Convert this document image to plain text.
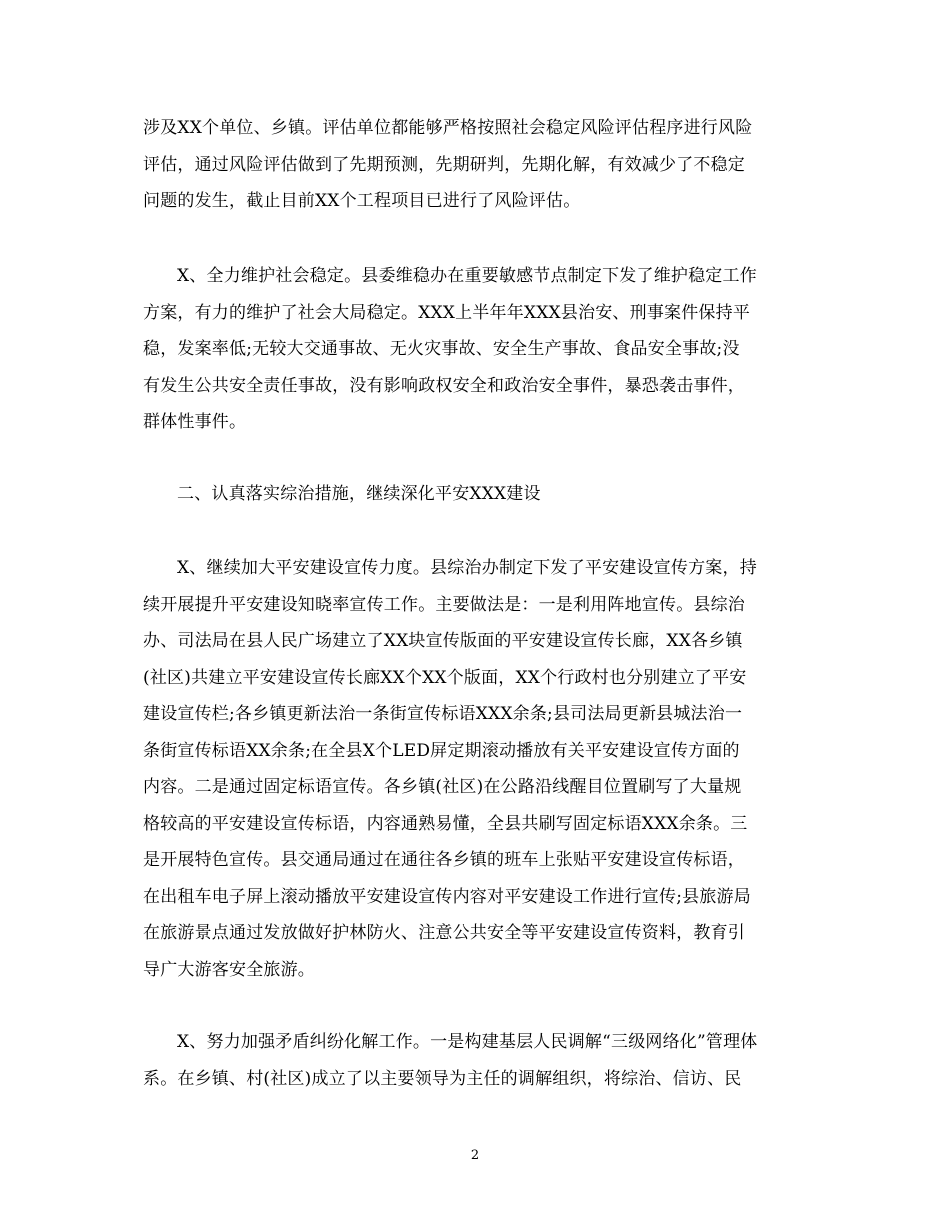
涉及XX个单位、乡镇。评估单位都能够严格按照社会稳定风险评估程序进行风险
评估，通过风险评估做到了先期预测，先期研判，先期化解，有效减少了不稳定
问题的发生，截止目前XX个工程项目已进行了风险评估。
X、全力维护社会稳定。县委维稳办在重要敏感节点制定下发了维护稳定工作
方案，有力的维护了社会大局稳定。XXX上半年年XXX县治安、刑事案件保持平
稳，发案率低;无较大交通事故、无火灾事故、安全生产事故、食品安全事故;没
有发生公共安全责任事故，没有影响政权安全和政治安全事件，暴恐袭击事件，
群体性事件。
二、认真落实综治措施，继续深化平安XXX建设
X、继续加大平安建设宣传力度。县综治办制定下发了平安建设宣传方案，持
续开展提升平安建设知晓率宣传工作。主要做法是：一是利用阵地宣传。县综治
办、司法局在县人民广场建立了XX块宣传版面的平安建设宣传长廊，XX各乡镇
(社区)共建立平安建设宣传长廊XX个XX个版面，XX个行政村也分别建立了平安
建设宣传栏;各乡镇更新法治一条街宣传标语XXX余条;县司法局更新县城法治一
条街宣传标语XX余条;在全县X个LED屏定期滚动播放有关平安建设宣传方面的
内容。二是通过固定标语宣传。各乡镇(社区)在公路沿线醒目位置刷写了大量规
格较高的平安建设宣传标语，内容通熟易懂，全县共刷写固定标语XXX余条。三
是开展特色宣传。县交通局通过在通往各乡镇的班车上张贴平安建设宣传标语，
在出租车电子屏上滚动播放平安建设宣传内容对平安建设工作进行宣传;县旅游局
在旅游景点通过发放做好护林防火、注意公共安全等平安建设宣传资料，教育引
导广大游客安全旅游。
X、努力加强矛盾纠纷化解工作。一是构建基层人民调解“三级网络化”管理体
系。在乡镇、村(社区)成立了以主要领导为主任的调解组织，将综治、信访、民
2
